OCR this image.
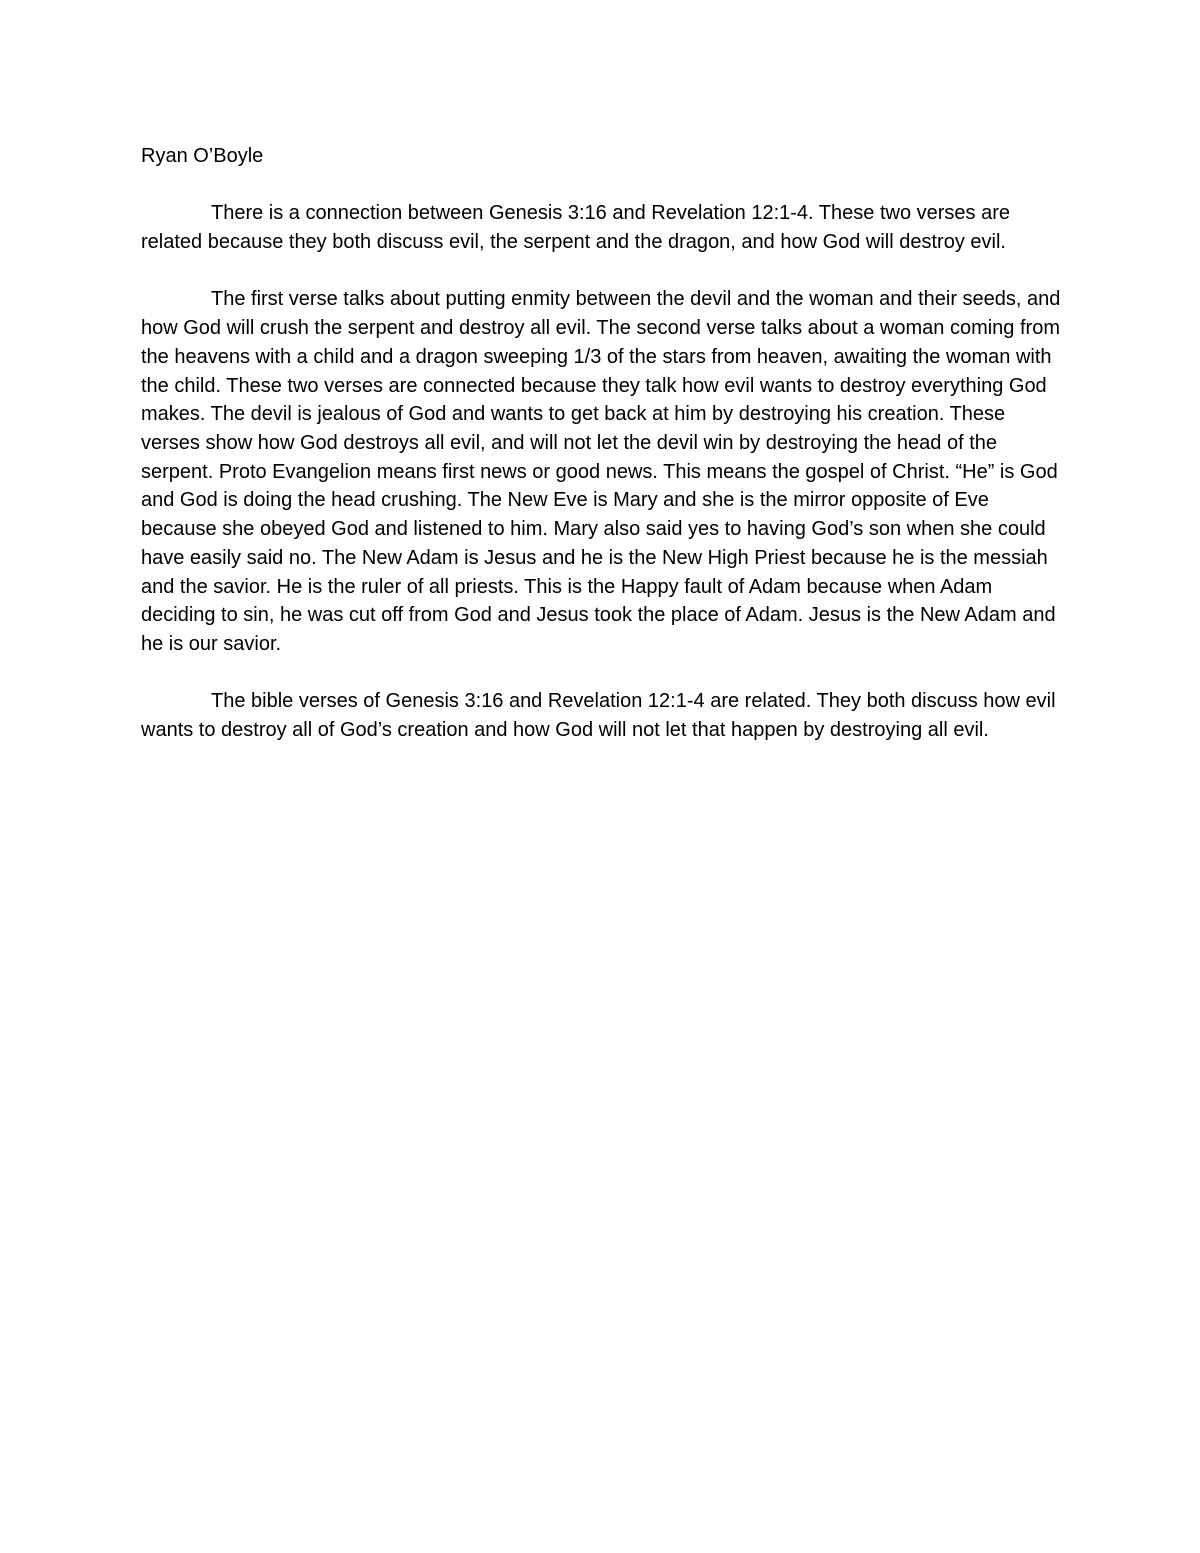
Ryan O’Boyle

There is a connection between Genesis 3:16 and Revelation 12:1-4. These two verses are related because they both discuss evil, the serpent and the dragon, and how God will destroy evil.

The first verse talks about putting enmity between the devil and the woman and their seeds, and how God will crush the serpent and destroy all evil. The second verse talks about a woman coming from the heavens with a child and a dragon sweeping 1/3 of the stars from heaven, awaiting the woman with the child. These two verses are connected because they talk how evil wants to destroy everything God makes. The devil is jealous of God and wants to get back at him by destroying his creation. These verses show how God destroys all evil, and will not let the devil win by destroying the head of the serpent. Proto Evangelion means first news or good news. This means the gospel of Christ. “He” is God and God is doing the head crushing. The New Eve is Mary and she is the mirror opposite of Eve because she obeyed God and listened to him. Mary also said yes to having God’s son when she could have easily said no. The New Adam is Jesus and he is the New High Priest because he is the messiah and the savior. He is the ruler of all priests. This is the Happy fault of Adam because when Adam deciding to sin, he was cut off from God and Jesus took the place of Adam. Jesus is the New Adam and he is our savior.

The bible verses of Genesis 3:16 and Revelation 12:1-4 are related. They both discuss how evil wants to destroy all of God’s creation and how God will not let that happen by destroying all evil.
